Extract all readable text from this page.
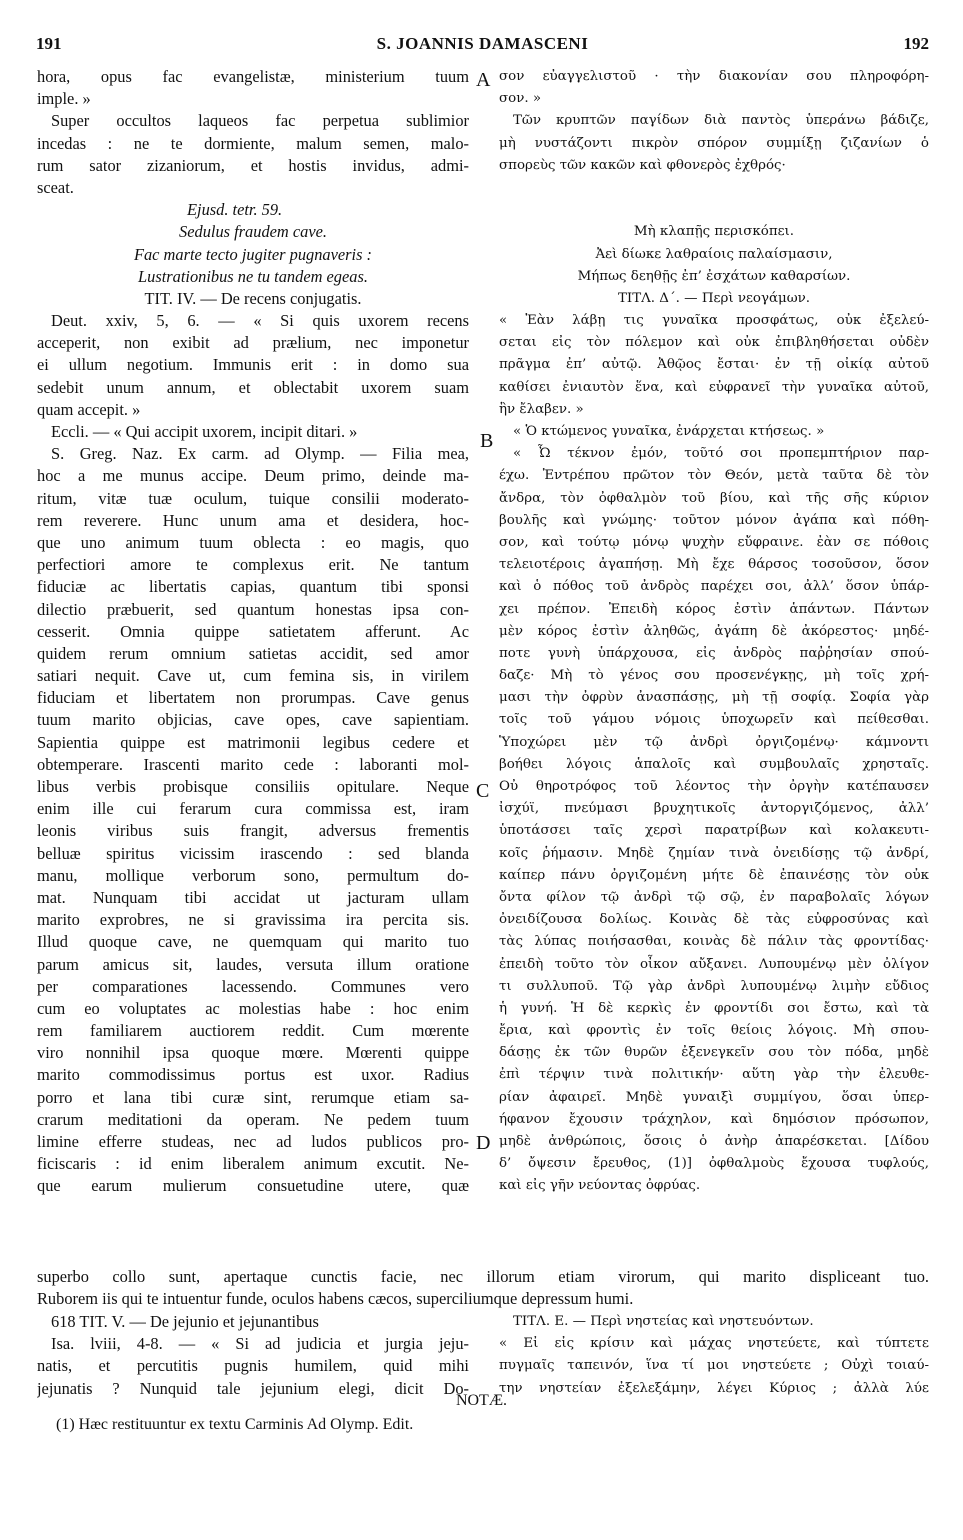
191	S. JOANNIS DAMASCENI	192
hora, opus fac evangelistæ, ministerium tuum
imple. »
Super occultos laqueos fac perpetua sublimior
incedas : ne te dormiente, malum semen, malo-
rum sator zizaniorum, et hostis invidus, admi-
sceat.
Ejusd. tetr. 59.
Sedulus fraudem cave.
Fac marte tecto jugiter pugnaveris :
Lustrationibus ne tu tandem egeas.
TIT. IV. — De recens conjugatis.
Deut. xxiv, 5, 6. — « Si quis uxorem recens
acceperit, non exibit ad prælium, nec imponetur
ei ullum negotium. Immunis erit : in domo sua
sedebit unum annum, et oblectabit uxorem suam
quam accepit. »
Eccli. — « Qui accipit uxorem, incipit ditari. »
S. Greg. Naz. Ex carm. ad Olymp. — Filia mea,
hoc a me munus accipe. Deum primo, deinde ma-
ritum, vitæ tuæ oculum, tuique consilii moderato-
rem reverere. Hunc unum ama et desidera, hoc-
que uno animum tuum oblecta : eo magis, quo
perfectiori amore te complexus erit. Ne tantum
fiduciæ ac libertatis capias, quantum tibi sponsi
dilectio præbuerit, sed quantum honestas ipsa con-
cesserit. Omnia quippe satietatem afferunt. Ac
quidem rerum omnium satietas accidit, sed amor
satiari nequit. Cave ut, cum femina sis, in virilem
fiduciam et libertatem non prorumpas. Cave genus
tuum marito objicias, cave opes, cave sapientiam.
Sapientia quippe est matrimonii legibus cedere et
obtemperare. Irascenti marito cede : laboranti mol-
libus verbis probisque consiliis opitulare. Neque
enim ille cui ferarum cura commissa est, iram
leonis viribus suis frangit, adversus frementis
belluæ spiritus vicissim irascendo : sed blanda
manu, mollique verborum sono, permultum do-
mat. Nunquam tibi accidat ut jacturam ullam
marito exprobres, ne si gravissima ira percita sis.
Illud quoque cave, ne quemquam qui marito tuo
parum amicus sit, laudes, versuta illum oratione
per comparationes lacessendo. Communes vero
cum eo voluptates ac molestias habe : hoc enim
rem familiarem auctiorem reddit. Cum mœrente
viro nonnihil ipsa quoque mœre. Mœrenti quippe
marito commodissimus portus est uxor. Radius
porro et lana tibi curæ sint, rerumque etiam sa-
crarum meditationi da operam. Ne pedem tuum
limine efferre studeas, nec ad ludos publicos pro-
ficiscaris : id enim liberalem animum excutit. Ne-
que earum mulierum consuetudine utere, quæ
σον εὐαγγελιστοῦ · τὴν διακονίαν σου πληροφόρη-
σον. »
Τῶν κρυπτῶν παγίδων διὰ παντὸς ὑπεράνω βάδιζε,
μὴ νυστάζοντι πικρὸν σπόρον συμμίξῃ ζιζανίων ὁ
σπορεὺς τῶν κακῶν καὶ φθονερὸς ἐχθρός·
Μὴ κλαπῇς περισκόπει.
Ἀεὶ δίωκε λαθραίοις παλαίσμασιν,
Μήπως δεηθῇς ἐπ’ ἐσχάτων καθαρσίων.
ΤΙΤΛ. Δ΄. — Περὶ νεογάμων.
« Ἐὰν λάβῃ τις γυναῖκα προσφάτως, οὐκ ἐξελεύ-
σεται εἰς τὸν πόλεμον καὶ οὐκ ἐπιβληθήσεται οὐδὲν
πρᾶγμα ἐπ’ αὐτῷ. Ἀθῷος ἔσται· ἐν τῇ οἰκίᾳ αὐτοῦ
καθίσει ἐνιαυτὸν ἕνα, καὶ εὐφρανεῖ τὴν γυναῖκα αὐτοῦ,
ἣν ἔλαβεν. »
« Ὁ κτώμενος γυναῖκα, ἐνάρχεται κτήσεως. »
« Ὦ τέκνον ἐμόν, τοῦτό σοι προπεμπτήριον παρ-
έχω. Ἐντρέπου πρῶτον τὸν Θεόν, μετὰ ταῦτα δὲ τὸν
ἄνδρα, τὸν ὀφθαλμὸν τοῦ βίου, καὶ τῆς σῆς κύριον
βουλῆς καὶ γνώμης· τοῦτον μόνον ἀγάπα καὶ πόθη-
σον, καὶ τούτῳ μόνῳ ψυχὴν εὔφραινε. ἐὰν σε πόθοις
τελειοτέροις ἀγαπήσῃ. Μὴ ἔχε θάρσος τοσοῦσον, ὅσον
καὶ ὁ πόθος τοῦ ἀνδρὸς παρέχει σοι, ἀλλ’ ὅσον ὑπάρ-
χει πρέπον. Ἐπειδὴ κόρος ἐστὶν ἁπάντων. Πάντων
μὲν κόρος ἐστὶν ἀληθῶς, ἀγάπη δὲ ἀκόρεστος· μηδέ-
ποτε γυνὴ ὑπάρχουσα, εἰς ἀνδρὸς παῤῥησίαν σπού-
δαζε· Μὴ τὸ γένος σου προσενέγκῃς, μὴ τοῖς χρή-
μασι τὴν ὀφρὺν ἀνασπάσῃς, μὴ τῇ σοφίᾳ. Σοφία γὰρ
τοῖς τοῦ γάμου νόμοις ὑποχωρεῖν καὶ πείθεσθαι.
Ὑποχώρει μὲν τῷ ἀνδρὶ ὀργιζομένῳ· κάμνοντι
βοήθει λόγοις ἁπαλοῖς καὶ συμβουλαῖς χρησταῖς.
Οὐ θηροτρόφος τοῦ λέοντος τὴν ὀργὴν κατέπαυσεν
ἰσχύϊ, πνεύμασι βρυχητικοῖς ἀντοργιζόμενος, ἀλλ’
ὑποτάσσει ταῖς χερσὶ παρατρίβων καὶ κολακευτι-
κοῖς ῥήμασιν. Μηδὲ ζημίαν τινὰ ὀνειδίσῃς τῷ ἀνδρί,
καίπερ πάνυ ὀργιζομένη μήτε δὲ ἐπαινέσῃς τὸν οὐκ
ὄντα φίλον τῷ ἀνδρὶ τῷ σῷ, ἐν παραβολαῖς λόγων
ὀνειδίζουσα δολίως. Κοινὰς δὲ τὰς εὐφροσύνας καὶ
τὰς λύπας ποιήσασθαι, κοινὰς δὲ πάλιν τὰς φροντίδας·
ἐπειδὴ τοῦτο τὸν οἶκον αὔξανει. Λυπουμένῳ μὲν ὀλίγον
τι συλλυποῦ. Τῷ γὰρ ἀνδρὶ λυπουμένῳ λιμὴν εὔδιος
ἡ γυνή. Ἡ δὲ κερκὶς ἐν φροντίδι σοι ἔστω, καὶ τὰ
ἔρια, καὶ φροντὶς ἐν τοῖς θείοις λόγοις. Μὴ σπου-
δάσῃς ἐκ τῶν θυρῶν ἐξενεγκεῖν σου τὸν πόδα, μηδὲ
ἐπὶ τέρψιν τινὰ πολιτικήν· αὕτη γὰρ τὴν ἐλευθε-
ρίαν ἀφαιρεῖ. Μηδὲ γυναιξὶ συμμίγου, ὅσαι ὑπερ-
ήφανον ἔχουσιν τράχηλον, καὶ δημόσιον πρόσωπον,
μηδὲ ἀνθρώποις, ὅσοις ὁ ἀνὴρ ἀπαρέσκεται. [Δίδου
δ’ ὄψεσιν ἔρευθος, (1)] ὀφθαλμοὺς ἔχουσα τυφλούς,
καὶ εἰς γῆν νεύοντας ὀφρύας.
A
B
C
D
superbo collo sunt, apertaque cunctis facie, nec illorum etiam virorum, qui marito displiceant tuo.
Ruborem iis qui te intuentur funde, oculos habens cæcos, superciliumque depressum humi.
618 TIT. V. — De jejunio et jejunantibus
Isa. lviii, 4-8. — « Si ad judicia et jurgia jeju-
natis, et percutitis pugnis humilem, quid mihi
jejunatis ? Nunquid tale jejunium elegi, dicit Do-
ΤΙΤΛ. Ε. — Περὶ νηστείας καὶ νηστευόντων.
« Εἰ εἰς κρίσιν καὶ μάχας νηστεύετε, καὶ τύπτετε
πυγμαῖς ταπεινόν, ἵνα τί μοι νηστεύετε ; Οὐχὶ τοιαύ-
την νηστείαν ἐξελεξάμην, λέγει Κύριος ; ἀλλὰ λύε
NOTÆ.
(1) Hæc restituuntur ex textu Carminis Ad Olymp. Edit.
